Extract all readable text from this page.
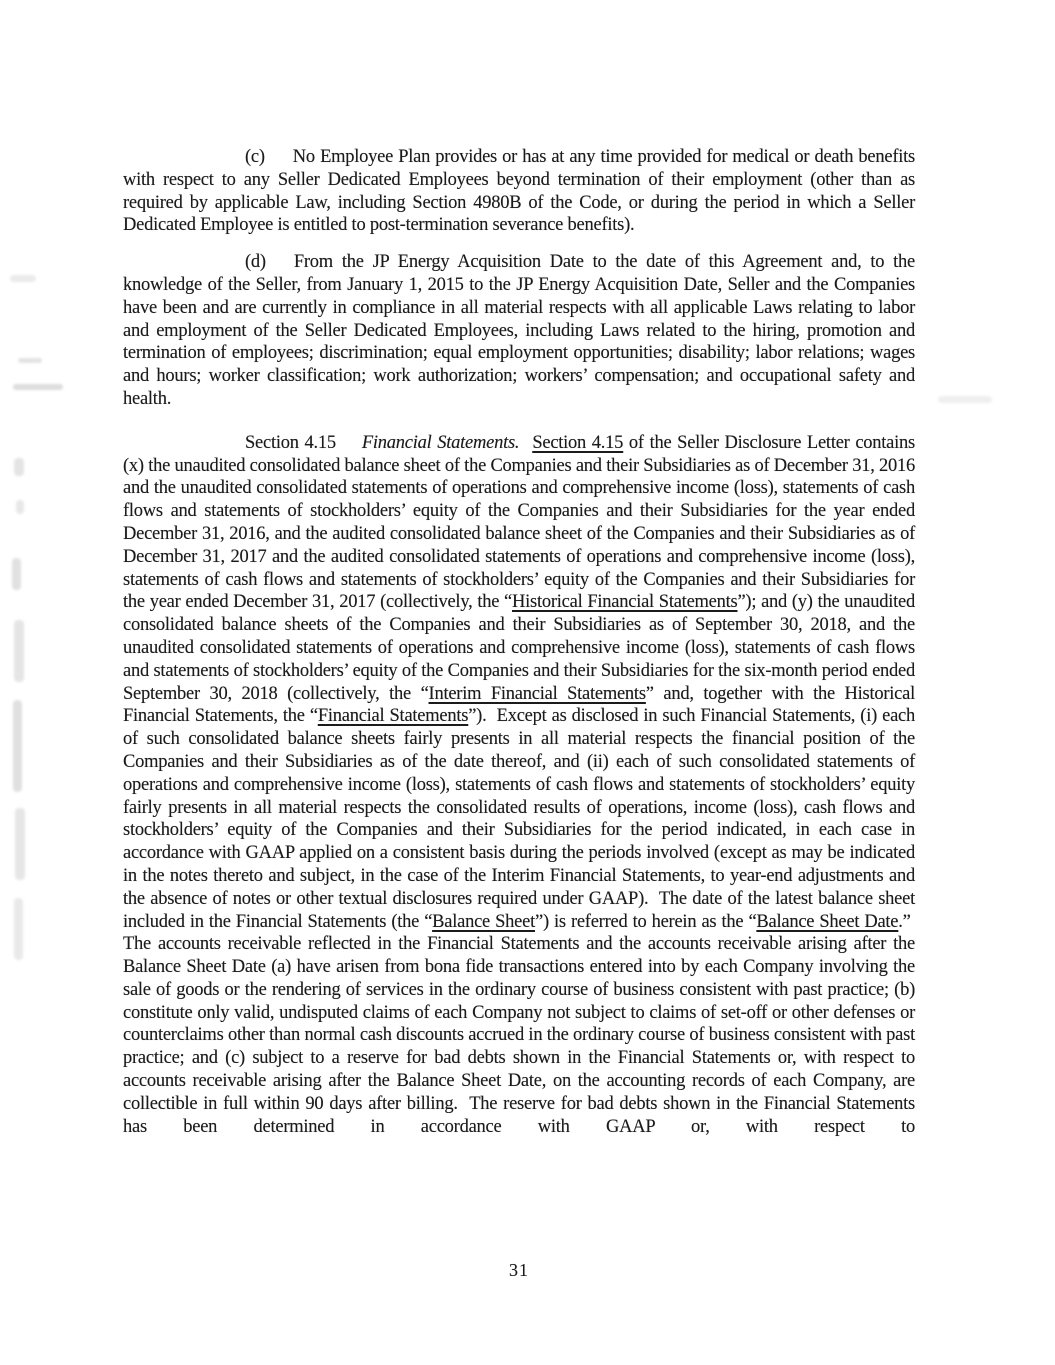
(c) No Employee Plan provides or has at any time provided for medical or death benefits with respect to any Seller Dedicated Employees beyond termination of their employment (other than as required by applicable Law, including Section 4980B of the Code, or during the period in which a Seller Dedicated Employee is entitled to post-termination severance benefits).

(d) From the JP Energy Acquisition Date to the date of this Agreement and, to the knowledge of the Seller, from January 1, 2015 to the JP Energy Acquisition Date, Seller and the Companies have been and are currently in compliance in all material respects with all applicable Laws relating to labor and employment of the Seller Dedicated Employees, including Laws related to the hiring, promotion and termination of employees; discrimination; equal employment opportunities; disability; labor relations; wages and hours; worker classification; work authorization; workers’ compensation; and occupational safety and health.

Section 4.15 Financial Statements. Section 4.15 of the Seller Disclosure Letter contains (x) the unaudited consolidated balance sheet of the Companies and their Subsidiaries as of December 31, 2016 and the unaudited consolidated statements of operations and comprehensive income (loss), statements of cash flows and statements of stockholders’ equity of the Companies and their Subsidiaries for the year ended December 31, 2016, and the audited consolidated balance sheet of the Companies and their Subsidiaries as of December 31, 2017 and the audited consolidated statements of operations and comprehensive income (loss), statements of cash flows and statements of stockholders’ equity of the Companies and their Subsidiaries for the year ended December 31, 2017 (collectively, the “Historical Financial Statements”); and (y) the unaudited consolidated balance sheets of the Companies and their Subsidiaries as of September 30, 2018, and the unaudited consolidated statements of operations and comprehensive income (loss), statements of cash flows and statements of stockholders’ equity of the Companies and their Subsidiaries for the six-month period ended September 30, 2018 (collectively, the “Interim Financial Statements” and, together with the Historical Financial Statements, the “Financial Statements”).  Except as disclosed in such Financial Statements, (i) each of such consolidated balance sheets fairly presents in all material respects the financial position of the Companies and their Subsidiaries as of the date thereof, and (ii) each of such consolidated statements of operations and comprehensive income (loss), statements of cash flows and statements of stockholders’ equity fairly presents in all material respects the consolidated results of operations, income (loss), cash flows and stockholders’ equity of the Companies and their Subsidiaries for the period indicated, in each case in accordance with GAAP applied on a consistent basis during the periods involved (except as may be indicated in the notes thereto and subject, in the case of the Interim Financial Statements, to year-end adjustments and the absence of notes or other textual disclosures required under GAAP).  The date of the latest balance sheet included in the Financial Statements (the “Balance Sheet”) is referred to herein as the “Balance Sheet Date.”  The accounts receivable reflected in the Financial Statements and the accounts receivable arising after the Balance Sheet Date (a) have arisen from bona fide transactions entered into by each Company involving the sale of goods or the rendering of services in the ordinary course of business consistent with past practice; (b) constitute only valid, undisputed claims of each Company not subject to claims of set-off or other defenses or counterclaims other than normal cash discounts accrued in the ordinary course of business consistent with past practice; and (c) subject to a reserve for bad debts shown in the Financial Statements or, with respect to accounts receivable arising after the Balance Sheet Date, on the accounting records of each Company, are collectible in full within 90 days after billing.  The reserve for bad debts shown in the Financial Statements has been determined in accordance with GAAP or, with respect to

31
